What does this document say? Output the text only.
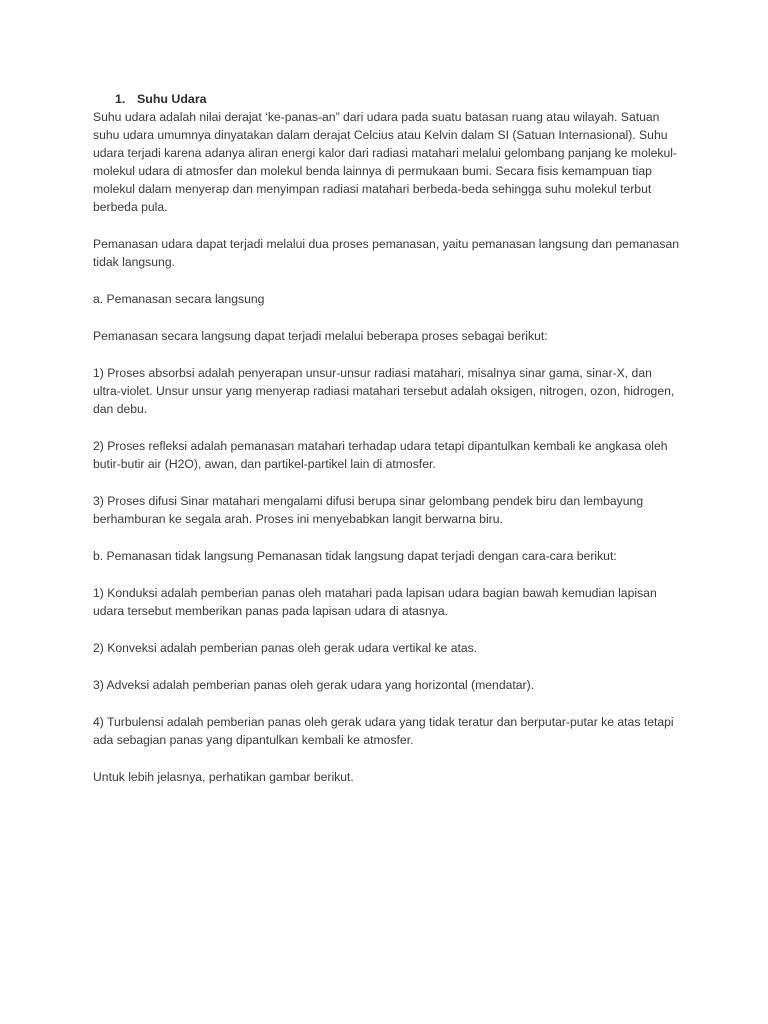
1. Suhu Udara

Suhu udara adalah nilai derajat ‘ke-panas-an” dari udara pada suatu batasan ruang atau wilayah. Satuan suhu udara umumnya dinyatakan dalam derajat Celcius atau Kelvin dalam SI (Satuan Internasional). Suhu udara terjadi karena adanya aliran energi kalor dari radiasi matahari melalui gelombang panjang ke molekul-molekul udara di atmosfer dan molekul benda lainnya di permukaan bumi. Secara fisis kemampuan tiap molekul dalam menyerap dan menyimpan radiasi matahari berbeda-beda sehingga suhu molekul terbut berbeda pula.

Pemanasan udara dapat terjadi melalui dua proses pemanasan, yaitu pemanasan langsung dan pemanasan tidak langsung.

a. Pemanasan secara langsung

Pemanasan secara langsung dapat terjadi melalui beberapa proses sebagai berikut:

1) Proses absorbsi adalah penyerapan unsur-unsur radiasi matahari, misalnya sinar gama, sinar-X, dan ultra-violet. Unsur unsur yang menyerap radiasi matahari tersebut adalah oksigen, nitrogen, ozon, hidrogen, dan debu.

2) Proses refleksi adalah pemanasan matahari terhadap udara tetapi dipantulkan kembali ke angkasa oleh butir-butir air (H2O), awan, dan partikel-partikel lain di atmosfer.

3) Proses difusi Sinar matahari mengalami difusi berupa sinar gelombang pendek biru dan lembayung berhamburan ke segala arah. Proses ini menyebabkan langit berwarna biru.

b. Pemanasan tidak langsung Pemanasan tidak langsung dapat terjadi dengan cara-cara berikut:

1) Konduksi adalah pemberian panas oleh matahari pada lapisan udara bagian bawah kemudian lapisan udara tersebut memberikan panas pada lapisan udara di atasnya.

2) Konveksi adalah pemberian panas oleh gerak udara vertikal ke atas.

3) Adveksi adalah pemberian panas oleh gerak udara yang horizontal (mendatar).

4) Turbulensi adalah pemberian panas oleh gerak udara yang tidak teratur dan berputar-putar ke atas tetapi ada sebagian panas yang dipantulkan kembali ke atmosfer.

Untuk lebih jelasnya, perhatikan gambar berikut.
